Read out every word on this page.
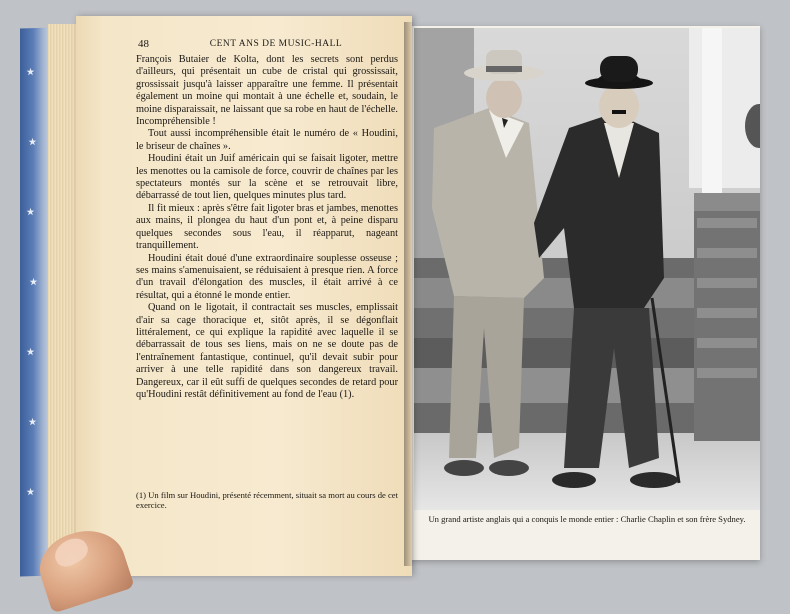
★
★
★
★
★
★
★
Un grand artiste anglais qui a conquis le monde entier : Charlie Chaplin et son frère Sydney.
48	CENT ANS DE MUSIC-HALL

François Butaier de Kolta, dont les secrets sont perdus d'ailleurs, qui présentait un cube de cristal qui grossissait, grossissait jusqu'à laisser apparaître une femme. Il présentait également un moine qui montait à une échelle et, soudain, le moine disparaissait, ne laissant que sa robe en haut de l'échelle. Incompréhensible !

Tout aussi incompréhensible était le numéro de « Houdini, le briseur de chaînes ».

Houdini était un Juif américain qui se faisait ligoter, mettre les menottes ou la camisole de force, couvrir de chaînes par les spectateurs montés sur la scène et se retrouvait libre, débarrassé de tout lien, quelques minutes plus tard.

Il fit mieux : après s'être fait ligoter bras et jambes, menottes aux mains, il plongea du haut d'un pont et, à peine disparu quelques secondes sous l'eau, il réapparut, nageant tranquillement.

Houdini était doué d'une extraordinaire souplesse osseuse ; ses mains s'amenuisaient, se réduisaient à presque rien. A force d'un travail d'élongation des muscles, il était arrivé à ce résultat, qui a étonné le monde entier.

Quand on le ligotait, il contractait ses muscles, emplissait d'air sa cage thoracique et, sitôt après, il se dégonflait littéralement, ce qui explique la rapidité avec laquelle il se débarrassait de tous ses liens, mais on ne se doute pas de l'entraînement fantastique, continuel, qu'il devait subir pour arriver à une telle rapidité dans son dangereux travail. Dangereux, car il eût suffi de quelques secondes de retard pour qu'Houdini restât définitivement au fond de l'eau (1).

(1) Un film sur Houdini, présenté récemment, situait sa mort au cours de cet exercice.
